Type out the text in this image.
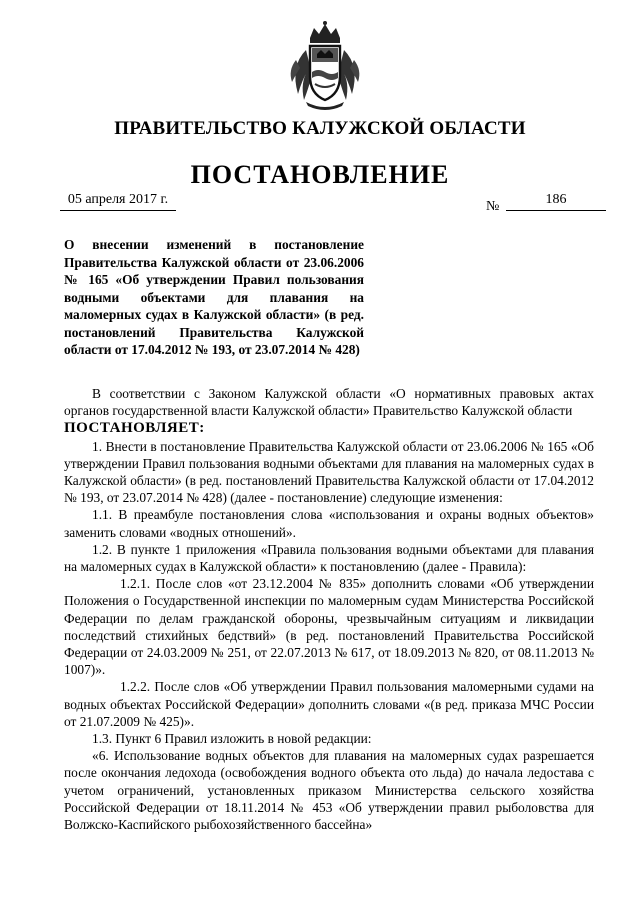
ПРАВИТЕЛЬСТВО КАЛУЖСКОЙ ОБЛАСТИ
ПОСТАНОВЛЕНИЕ
05 апреля 2017 г.	№	186
О внесении изменений в постановление Правительства Калужской области от 23.06.2006 № 165 «Об утверждении Правил пользования водными объектами для плавания на маломерных судах в Калужской области» (в ред. постановлений Правительства Калужской области от 17.04.2012 № 193, от 23.07.2014 № 428)

В соответствии с Законом Калужской области «О нормативных правовых актах органов государственной власти Калужской области» Правительство Калужской области

ПОСТАНОВЛЯЕТ:

1. Внести в постановление Правительства Калужской области от 23.06.2006 № 165 «Об утверждении Правил пользования водными объектами для плавания на маломерных судах в Калужской области» (в ред. постановлений Правительства Калужской области от 17.04.2012 № 193, от 23.07.2014 № 428) (далее - постановление) следующие изменения:

1.1. В преамбуле постановления слова «использования и охраны водных объектов» заменить словами «водных отношений».

1.2. В пункте 1 приложения «Правила пользования водными объектами для плавания на маломерных судах в Калужской области» к постановлению (далее - Правила):

1.2.1. После слов «от 23.12.2004 № 835» дополнить словами «Об утверждении Положения о Государственной инспекции по маломерным судам Министерства Российской Федерации по делам гражданской обороны, чрезвычайным ситуациям и ликвидации последствий стихийных бедствий» (в ред. постановлений Правительства Российской Федерации от 24.03.2009 № 251, от 22.07.2013 № 617, от 18.09.2013 № 820, от 08.11.2013 № 1007)».

1.2.2. После слов «Об утверждении Правил пользования маломерными судами на водных объектах Российской Федерации» дополнить словами «(в ред. приказа МЧС России от 21.07.2009 № 425)».

1.3. Пункт 6 Правил изложить в новой редакции:

«6. Использование водных объектов для плавания на маломерных судах разрешается после окончания ледохода (освобождения водного объекта ото льда) до начала ледостава с учетом ограничений, установленных приказом Министерства сельского хозяйства Российской Федерации от 18.11.2014 № 453 «Об утверждении правил рыболовства для Волжско-Каспийского рыбохозяйственного бассейна»
